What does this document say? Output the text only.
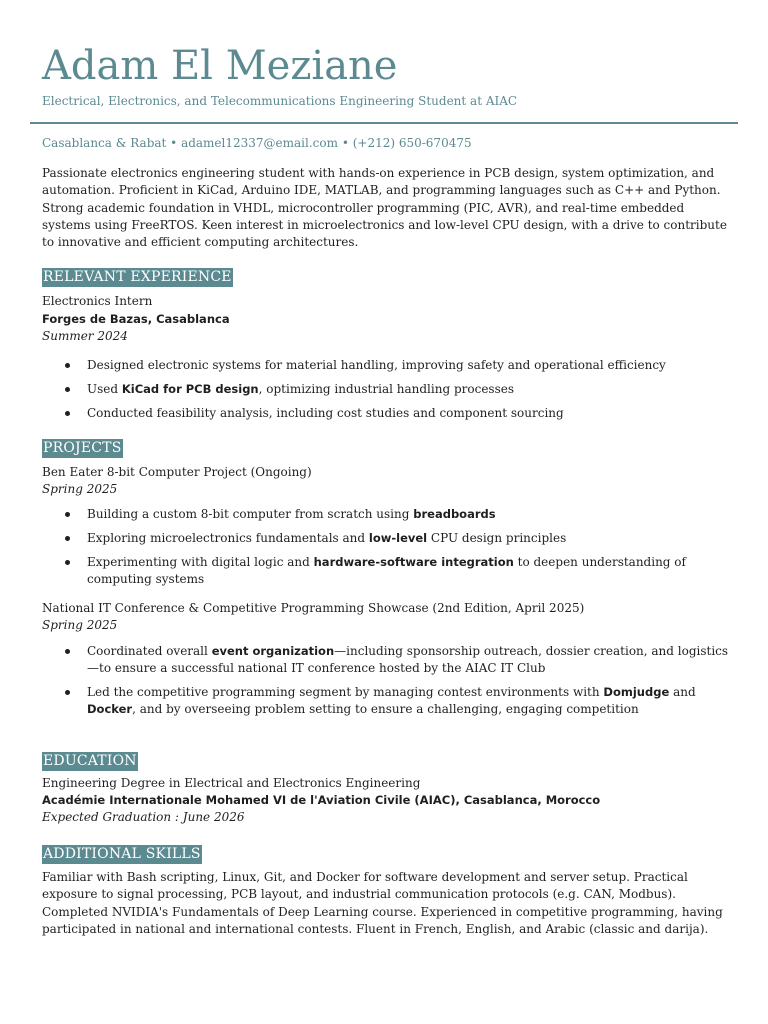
Adam El Meziane

Electrical, Electronics, and Telecommunications Engineering Student at AIAC

Casablanca & Rabat • adamel12337@email.com • (+212) 650-670475

Passionate electronics engineering student with hands-on experience in PCB design, system optimization, and automation. Proficient in KiCad, Arduino IDE, MATLAB, and programming languages such as C++ and Python. Strong academic foundation in VHDL, microcontroller programming (PIC, AVR), and real-time embedded systems using FreeRTOS. Keen interest in microelectronics and low-level CPU design, with a drive to contribute to innovative and efficient computing architectures.

RELEVANT EXPERIENCE

Electronics Intern

Forges de Bazas, Casablanca

Summer 2024

Designed electronic systems for material handling, improving safety and operational efficiency
Used KiCad for PCB design, optimizing industrial handling processes
Conducted feasibility analysis, including cost studies and component sourcing
PROJECTS

Ben Eater 8-bit Computer Project (Ongoing)

Spring 2025

Building a custom 8-bit computer from scratch using breadboards
Exploring microelectronics fundamentals and low-level CPU design principles
Experimenting with digital logic and hardware-software integration to deepen understanding of computing systems

National IT Conference & Competitive Programming Showcase (2nd Edition, April 2025)

Spring 2025

Coordinated overall event organization—including sponsorship outreach, dossier creation, and logistics—to ensure a successful national IT conference hosted by the AIAC IT Club
Led the competitive programming segment by managing contest environments with Domjudge and Docker, and by overseeing problem setting to ensure a challenging, engaging competition
EDUCATION

Engineering Degree in Electrical and Electronics Engineering

Académie Internationale Mohamed VI de l'Aviation Civile (AIAC), Casablanca, Morocco

Expected Graduation : June 2026

ADDITIONAL SKILLS

Familiar with Bash scripting, Linux, Git, and Docker for software development and server setup. Practical exposure to signal processing, PCB layout, and industrial communication protocols (e.g. CAN, Modbus). Completed NVIDIA's Fundamentals of Deep Learning course. Experienced in competitive programming, having participated in national and international contests. Fluent in French, English, and Arabic (classic and darija).
